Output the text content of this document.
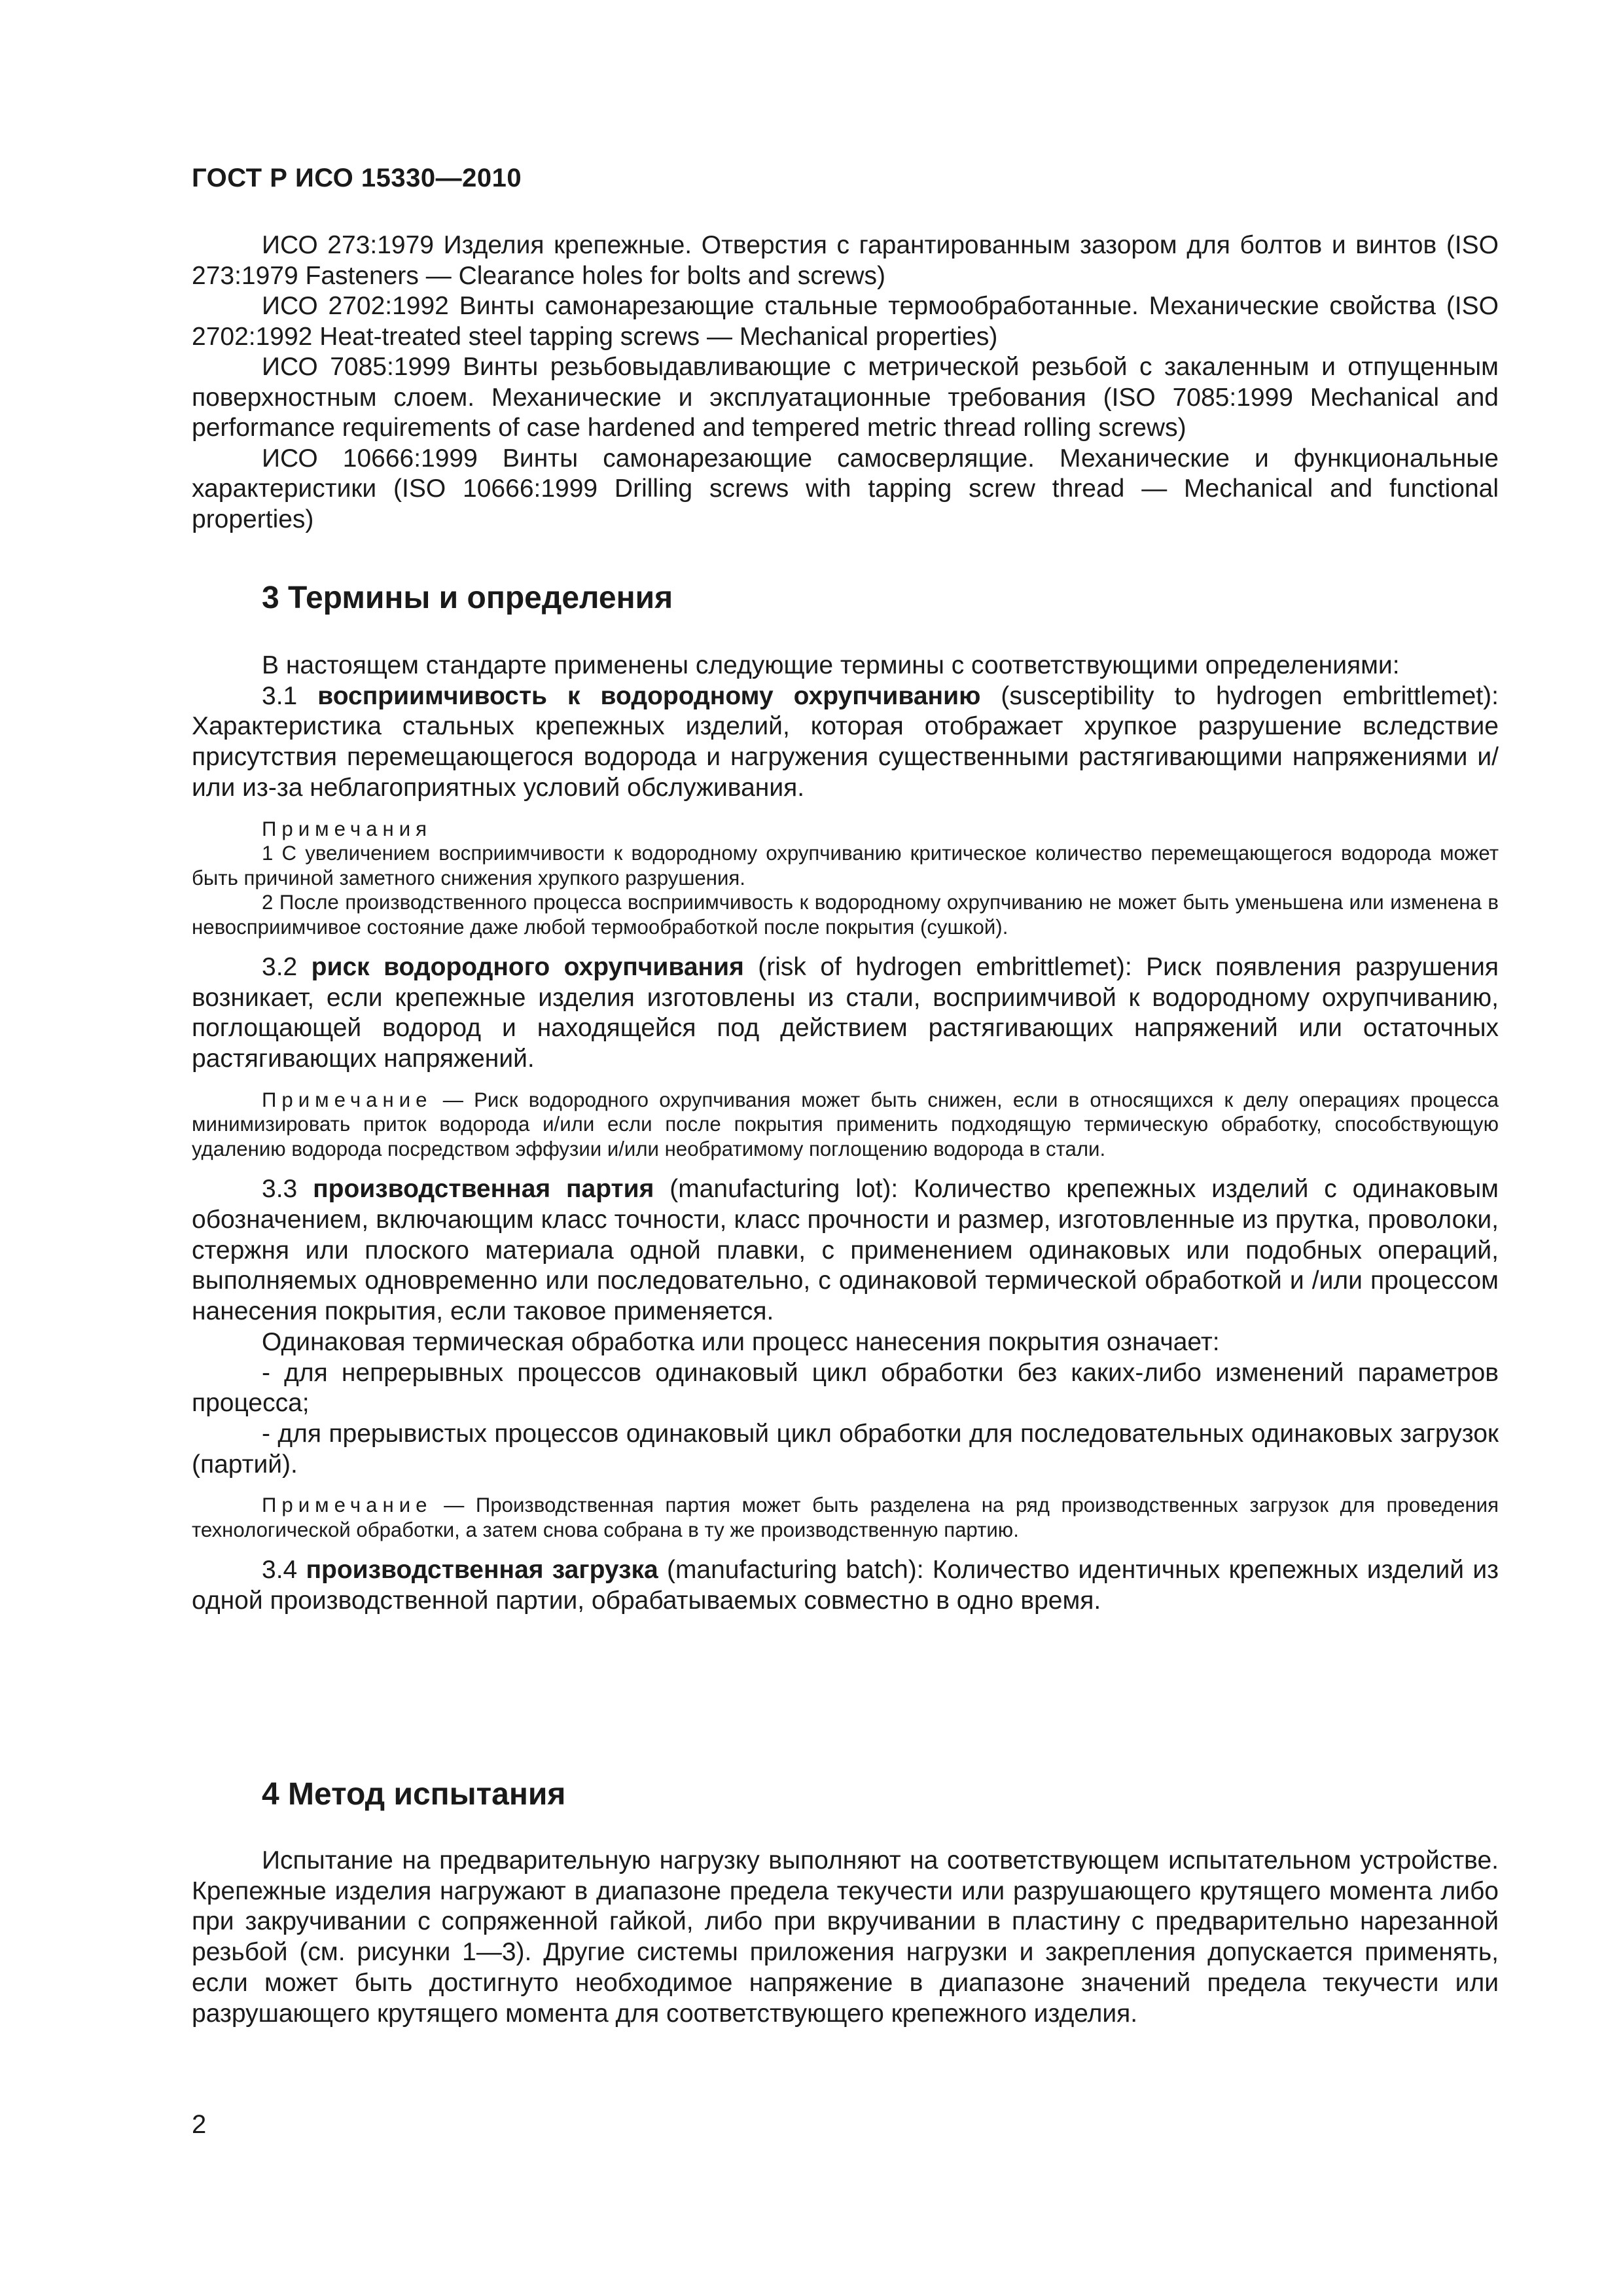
ГОСТ Р ИСО 15330—2010

ИСО 273:1979 Изделия крепежные. Отверстия с гарантированным зазором для болтов и винтов (ISO 273:1979 Fasteners — Clearance holes for bolts and screws)

ИСО 2702:1992 Винты самонарезающие стальные термообработанные. Механические свойства (ISO 2702:1992 Heat-treated steel tapping screws — Mechanical properties)

ИСО 7085:1999 Винты резьбовыдавливающие с метрической резьбой с закаленным и отпущенным поверхностным слоем. Механические и эксплуатационные требования (ISO 7085:1999 Mechanical and performance requirements of case hardened and tempered metric thread rolling screws)

ИСО 10666:1999 Винты самонарезающие самосверлящие. Механические и функциональные характеристики (ISO 10666:1999 Drilling screws with tapping screw thread — Mechanical and functional properties)

3 Термины и определения

В настоящем стандарте применены следующие термины с соответствующими определениями:

3.1 восприимчивость к водородному охрупчиванию (susceptibility to hydrogen embrittlemet): Характеристика стальных крепежных изделий, которая отображает хрупкое разрушение вследствие присутствия перемещающегося водорода и нагружения существенными растягивающими напряжениями и/или из-за неблагоприятных условий обслуживания.

Примечания

1 С увеличением восприимчивости к водородному охрупчиванию критическое количество перемещающегося водорода может быть причиной заметного снижения хрупкого разрушения.

2 После производственного процесса восприимчивость к водородному охрупчиванию не может быть уменьшена или изменена в невосприимчивое состояние даже любой термообработкой после покрытия (сушкой).

3.2 риск водородного охрупчивания (risk of hydrogen embrittlemet): Риск появления разрушения возникает, если крепежные изделия изготовлены из стали, восприимчивой к водородному охрупчиванию, поглощающей водород и находящейся под действием растягивающих напряжений или остаточных растягивающих напряжений.

Примечание — Риск водородного охрупчивания может быть снижен, если в относящихся к делу операциях процесса минимизировать приток водорода и/или если после покрытия применить подходящую термическую обработку, способствующую удалению водорода посредством эффузии и/или необратимому поглощению водорода в стали.

3.3 производственная партия (manufacturing lot): Количество крепежных изделий с одинаковым обозначением, включающим класс точности, класс прочности и размер, изготовленные из прутка, проволоки, стержня или плоского материала одной плавки, с применением одинаковых или подобных операций, выполняемых одновременно или последовательно, с одинаковой термической обработкой и /или процессом нанесения покрытия, если таковое применяется.

Одинаковая термическая обработка или процесс нанесения покрытия означает:

- для непрерывных процессов одинаковый цикл обработки без каких-либо изменений параметров процесса;

- для прерывистых процессов одинаковый цикл обработки для последовательных одинаковых загрузок (партий).

Примечание — Производственная партия может быть разделена на ряд производственных загрузок для проведения технологической обработки, а затем снова собрана в ту же производственную партию.

3.4 производственная загрузка (manufacturing batch): Количество идентичных крепежных изделий из одной производственной партии, обрабатываемых совместно в одно время.

4 Метод испытания

Испытание на предварительную нагрузку выполняют на соответствующем испытательном устройстве. Крепежные изделия нагружают в диапазоне предела текучести или разрушающего крутящего момента либо при закручивании с сопряженной гайкой, либо при вкручивании в пластину с предварительно нарезанной резьбой (см. рисунки 1—3). Другие системы приложения нагрузки и закрепления допускается применять, если может быть достигнуто необходимое напряжение в диапазоне значений предела текучести или разрушающего крутящего момента для соответствующего крепежного изделия.

2
